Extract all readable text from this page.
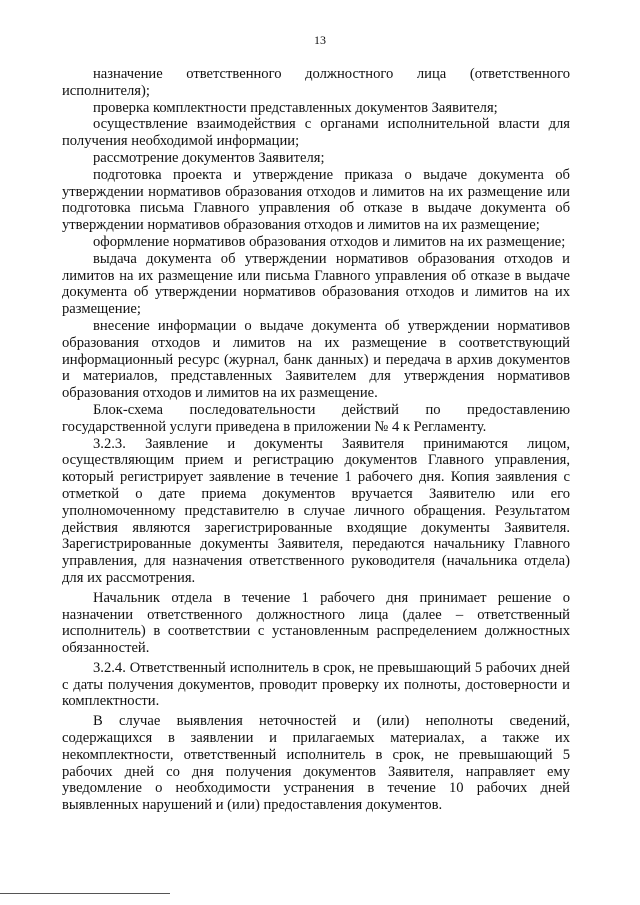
13

назначение ответственного должностного лица (ответственного исполнителя);

проверка комплектности представленных документов Заявителя;

осуществление взаимодействия с органами исполнительной власти для получения необходимой информации;

рассмотрение документов Заявителя;

подготовка проекта и утверждение приказа о выдаче документа об утверждении нормативов образования отходов и лимитов на их размещение или подготовка письма Главного управления об отказе в выдаче документа об утверждении нормативов образования отходов и лимитов на их размещение;

оформление нормативов образования отходов и лимитов на их размещение;

выдача документа об утверждении нормативов образования отходов и лимитов на их размещение или письма Главного управления об отказе в выдаче документа об утверждении нормативов образования отходов и лимитов на их размещение;

внесение информации о выдаче документа об утверждении нормативов образования отходов и лимитов на их размещение в соответствующий информационный ресурс (журнал, банк данных) и передача в архив документов и материалов, представленных Заявителем для утверждения нормативов образования отходов и лимитов на их размещение.

Блок-схема последовательности действий по предоставлению государственной услуги приведена в приложении № 4 к Регламенту.

3.2.3. Заявление и документы Заявителя принимаются лицом, осуществляющим прием и регистрацию документов Главного управления, который регистрирует заявление в течение 1 рабочего дня. Копия заявления с отметкой о дате приема документов вручается Заявителю или его уполномоченному представителю в случае личного обращения. Результатом действия являются зарегистрированные входящие документы Заявителя. Зарегистрированные документы Заявителя, передаются начальнику Главного управления, для назначения ответственного руководителя (начальника отдела) для их рассмотрения.

Начальник отдела в течение 1 рабочего дня принимает решение о назначении ответственного должностного лица (далее – ответственный исполнитель) в соответствии с установленным распределением должностных обязанностей.

3.2.4. Ответственный исполнитель в срок, не превышающий 5 рабочих дней с даты получения документов, проводит проверку их полноты, достоверности и комплектности.

В случае выявления неточностей и (или) неполноты сведений, содержащихся в заявлении и прилагаемых материалах, а также их некомплектности, ответственный исполнитель в срок, не превышающий 5 рабочих дней со дня получения документов Заявителя, направляет ему уведомление о необходимости устранения в течение 10 рабочих дней выявленных нарушений и (или) предоставления документов.
